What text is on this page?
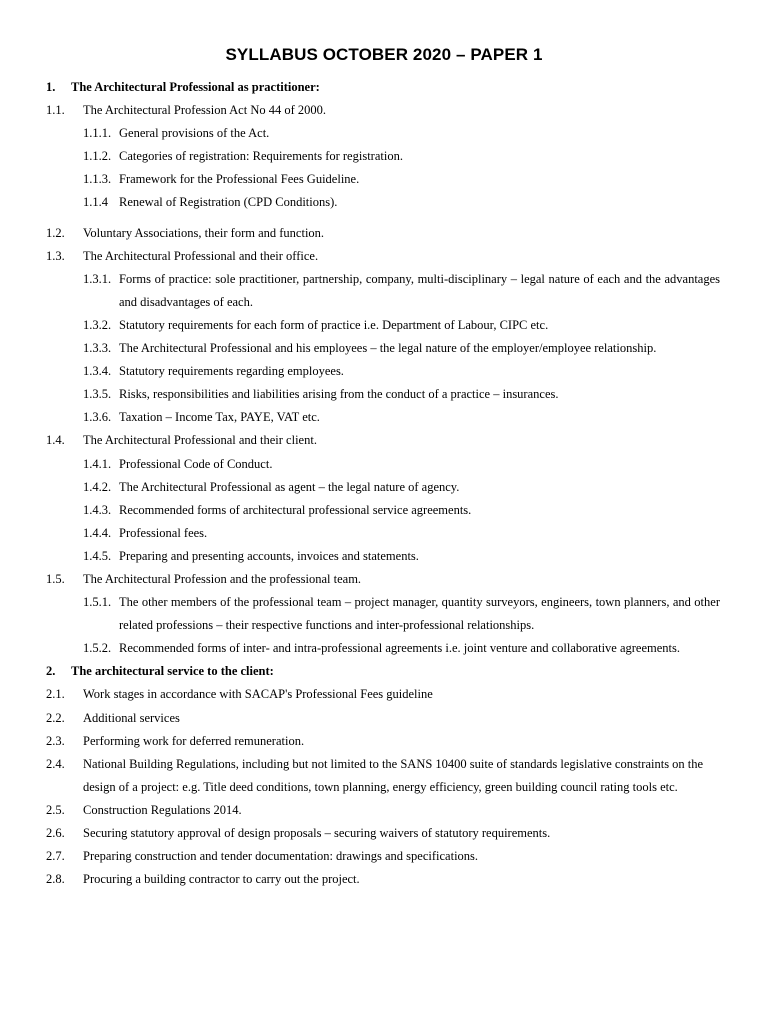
SYLLABUS OCTOBER 2020 – PAPER 1
1.	The Architectural Professional as practitioner:
1.1.	The Architectural Profession Act No 44 of 2000.
1.1.1. General provisions of the Act.
1.1.2. Categories of registration: Requirements for registration.
1.1.3. Framework for the Professional Fees Guideline.
1.1.4 Renewal of Registration (CPD Conditions).
1.2.	Voluntary Associations, their form and function.
1.3.	The Architectural Professional and their office.
1.3.1. Forms of practice: sole practitioner, partnership, company, multi-disciplinary – legal nature of each and the advantages and disadvantages of each.
1.3.2. Statutory requirements for each form of practice i.e. Department of Labour, CIPC etc.
1.3.3. The Architectural Professional and his employees – the legal nature of the employer/employee relationship.
1.3.4. Statutory requirements regarding employees.
1.3.5. Risks, responsibilities and liabilities arising from the conduct of a practice – insurances.
1.3.6. Taxation – Income Tax, PAYE, VAT etc.
1.4.	The Architectural Professional and their client.
1.4.1. Professional Code of Conduct.
1.4.2. The Architectural Professional as agent – the legal nature of agency.
1.4.3. Recommended forms of architectural professional service agreements.
1.4.4. Professional fees.
1.4.5. Preparing and presenting accounts, invoices and statements.
1.5.	The Architectural Profession and the professional team.
1.5.1. The other members of the professional team – project manager, quantity surveyors, engineers, town planners, and other related professions – their respective functions and inter-professional relationships.
1.5.2. Recommended forms of inter- and intra-professional agreements i.e. joint venture and collaborative agreements.
2.	The architectural service to the client:
2.1.	Work stages in accordance with SACAP's Professional Fees guideline
2.2.	Additional services
2.3.	Performing work for deferred remuneration.
2.4.	National Building Regulations, including but not limited to the SANS 10400 suite of standards legislative constraints on the design of a project: e.g. Title deed conditions, town planning, energy efficiency, green building council rating tools etc.
2.5.	Construction Regulations 2014.
2.6.	Securing statutory approval of design proposals – securing waivers of statutory requirements.
2.7.	Preparing construction and tender documentation: drawings and specifications.
2.8.	Procuring a building contractor to carry out the project.
